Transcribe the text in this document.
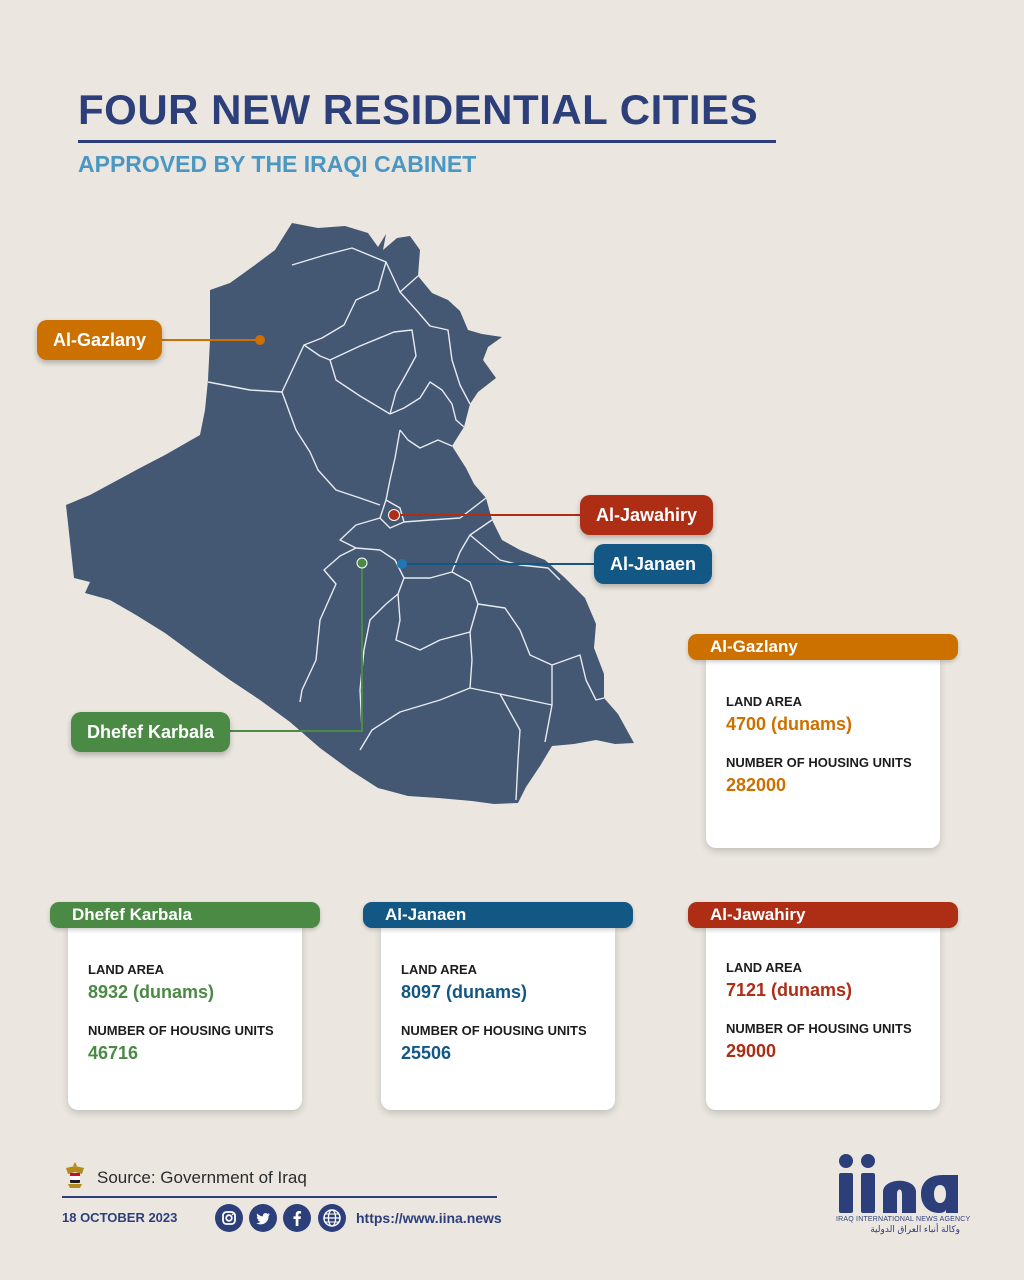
FOUR NEW RESIDENTIAL CITIES
APPROVED BY THE IRAQI CABINET
Al-Gazlany
Al-Jawahiry
Al-Janaen
Dhefef Karbala
Al-Gazlany
LAND AREA
4700 (dunams)
NUMBER OF HOUSING UNITS
282000
Dhefef Karbala
LAND AREA
8932 (dunams)
NUMBER OF HOUSING UNITS
46716
Al-Janaen
LAND AREA
8097 (dunams)
NUMBER OF HOUSING UNITS
25506
Al-Jawahiry
LAND AREA
7121 (dunams)
NUMBER OF HOUSING UNITS
29000
Source: Government of Iraq
18 OCTOBER 2023	https://www.iina.news	IRAQ INTERNATIONAL NEWS AGENCY
وكالة أنباء العراق الدولية
